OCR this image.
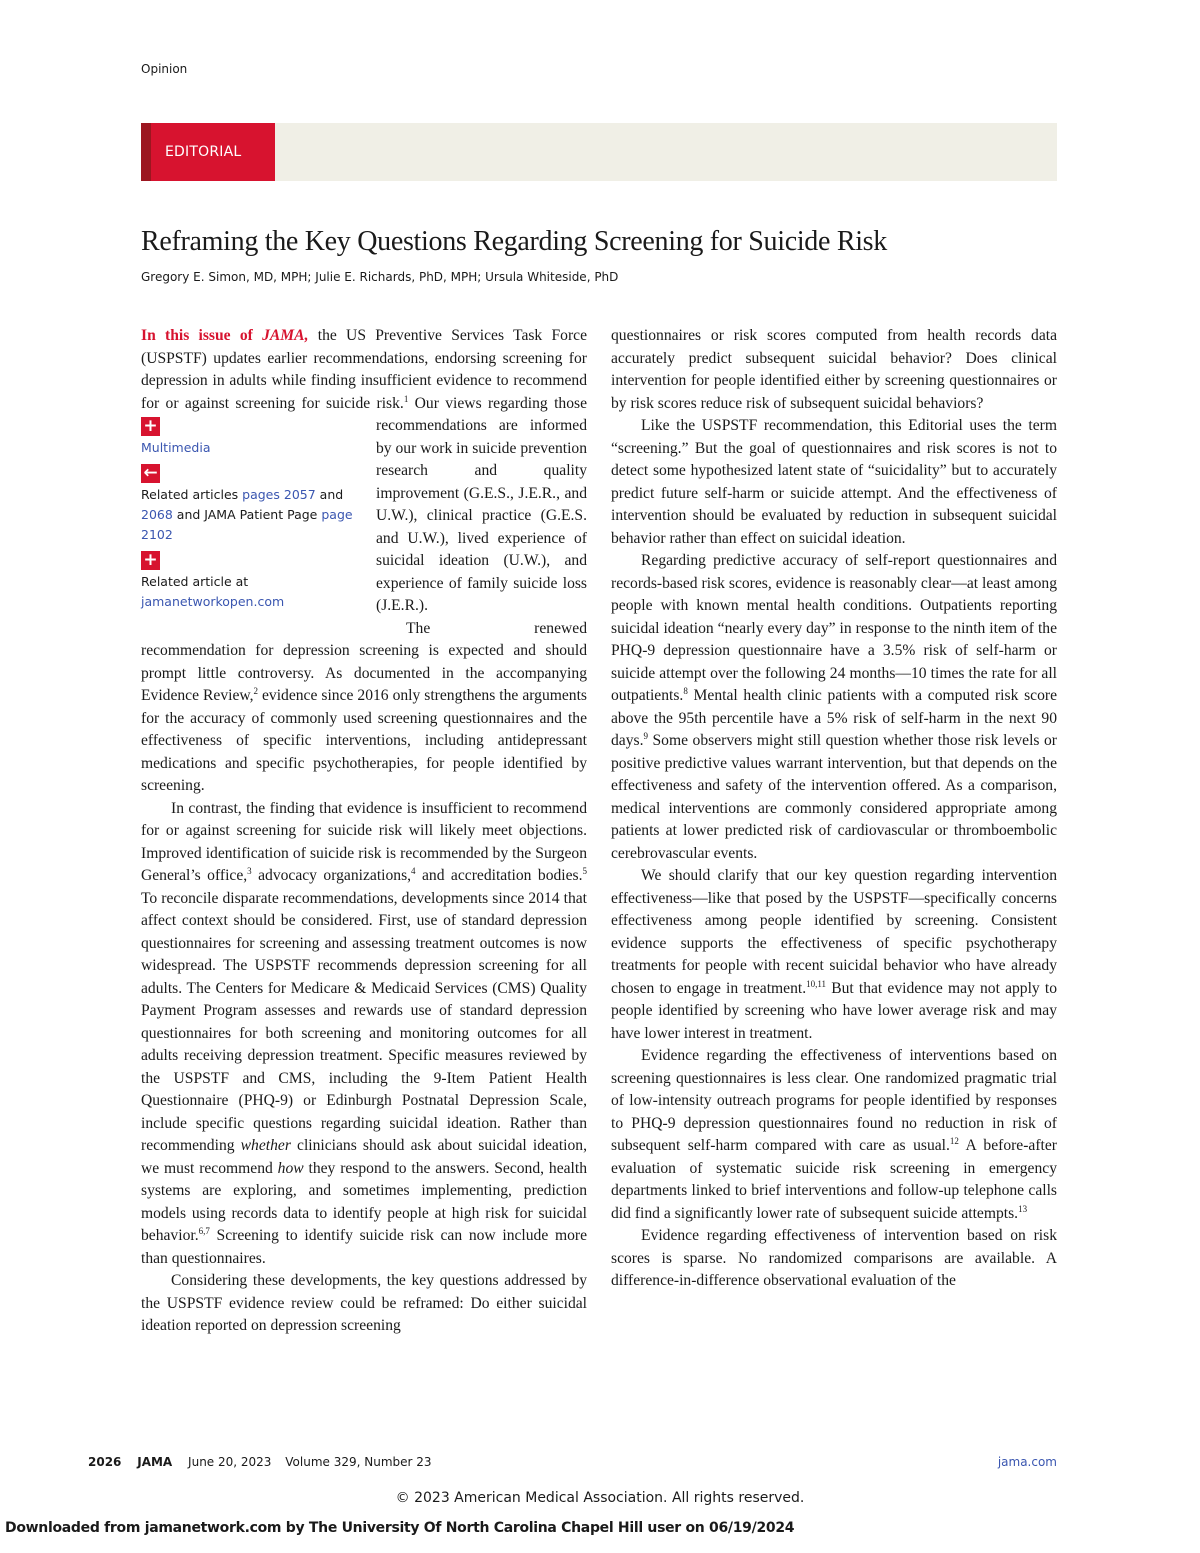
Opinion
EDITORIAL
Reframing the Key Questions Regarding Screening for Suicide Risk
Gregory E. Simon, MD, MPH; Julie E. Richards, PhD, MPH; Ursula Whiteside, PhD

In this issue of JAMA, the US Preventive Services Task Force (USPSTF) updates earlier recommendations, endorsing screening for depression in adults while finding insufficient evidence to recommend for or against screening for suicide risk.$^1$
+
Multimedia
←
Related articles pages 2057 and 2068 and JAMA Patient Page page 2102
+
Related article at
jamanetworkopen.com
Our views regarding those recommendations are informed by our work in suicide prevention research and quality improvement (G.E.S., J.E.R., and U.W.), clinical practice (G.E.S. and U.W.), lived experience of suicidal ideation (U.W.), and experience of family suicide loss (J.E.R.).

The renewed recommendation for depression screening is expected and should prompt little controversy. As documented in the accompanying Evidence Review,$^2$ evidence since 2016 only strengthens the arguments for the accuracy of commonly used screening questionnaires and the effectiveness of specific interventions, including antidepressant medications and specific psychotherapies, for people identified by screening.

In contrast, the finding that evidence is insufficient to recommend for or against screening for suicide risk will likely meet objections. Improved identification of suicide risk is recommended by the Surgeon General’s office,$^3$ advocacy organizations,$^4$ and accreditation bodies.$^5$ To reconcile disparate recommendations, developments since 2014 that affect context should be considered. First, use of standard depression questionnaires for screening and assessing treatment outcomes is now widespread. The USPSTF recommends depression screening for all adults. The Centers for Medicare & Medicaid Services (CMS) Quality Payment Program assesses and rewards use of standard depression questionnaires for both screening and monitoring outcomes for all adults receiving depression treatment. Specific measures reviewed by the USPSTF and CMS, including the 9-Item Patient Health Questionnaire (PHQ-9) or Edinburgh Postnatal Depression Scale, include specific questions regarding suicidal ideation. Rather than recommending whether clinicians should ask about suicidal ideation, we must recommend how they respond to the answers. Second, health systems are exploring, and sometimes implementing, prediction models using records data to identify people at high risk for suicidal behavior.$^{6,7}$ Screening to identify suicide risk can now include more than questionnaires.

Considering these developments, the key questions addressed by the USPSTF evidence review could be reframed: Do either suicidal ideation reported on depression screening

questionnaires or risk scores computed from health records data accurately predict subsequent suicidal behavior? Does clinical intervention for people identified either by screening questionnaires or by risk scores reduce risk of subsequent suicidal behaviors?

Like the USPSTF recommendation, this Editorial uses the term “screening.” But the goal of questionnaires and risk scores is not to detect some hypothesized latent state of “suicidality” but to accurately predict future self-harm or suicide attempt. And the effectiveness of intervention should be evaluated by reduction in subsequent suicidal behavior rather than effect on suicidal ideation.

Regarding predictive accuracy of self-report questionnaires and records-based risk scores, evidence is reasonably clear—at least among people with known mental health conditions. Outpatients reporting suicidal ideation “nearly every day” in response to the ninth item of the PHQ-9 depression questionnaire have a 3.5% risk of self-harm or suicide attempt over the following 24 months—10 times the rate for all outpatients.$^8$ Mental health clinic patients with a computed risk score above the 95th percentile have a 5% risk of self-harm in the next 90 days.$^9$ Some observers might still question whether those risk levels or positive predictive values warrant intervention, but that depends on the effectiveness and safety of the intervention offered. As a comparison, medical interventions are commonly considered appropriate among patients at lower predicted risk of cardiovascular or thromboembolic cerebrovascular events.

We should clarify that our key question regarding intervention effectiveness—like that posed by the USPSTF—specifically concerns effectiveness among people identified by screening. Consistent evidence supports the effectiveness of specific psychotherapy treatments for people with recent suicidal behavior who have already chosen to engage in treatment.$^{10,11}$ But that evidence may not apply to people identified by screening who have lower average risk and may have lower interest in treatment.

Evidence regarding the effectiveness of interventions based on screening questionnaires is less clear. One randomized pragmatic trial of low-intensity outreach programs for people identified by responses to PHQ-9 depression questionnaires found no reduction in risk of subsequent self-harm compared with care as usual.$^{12}$ A before-after evaluation of systematic suicide risk screening in emergency departments linked to brief interventions and follow-up telephone calls did find a significantly lower rate of subsequent suicide attempts.$^{13}$

Evidence regarding effectiveness of intervention based on risk scores is sparse. No randomized comparisons are available. A difference-in-difference observational evaluation of the

2026 JAMA June 20, 2023 Volume 329, Number 23	jama.com
© 2023 American Medical Association. All rights reserved.
Downloaded from jamanetwork.com by The University Of North Carolina Chapel Hill user on 06/19/2024
